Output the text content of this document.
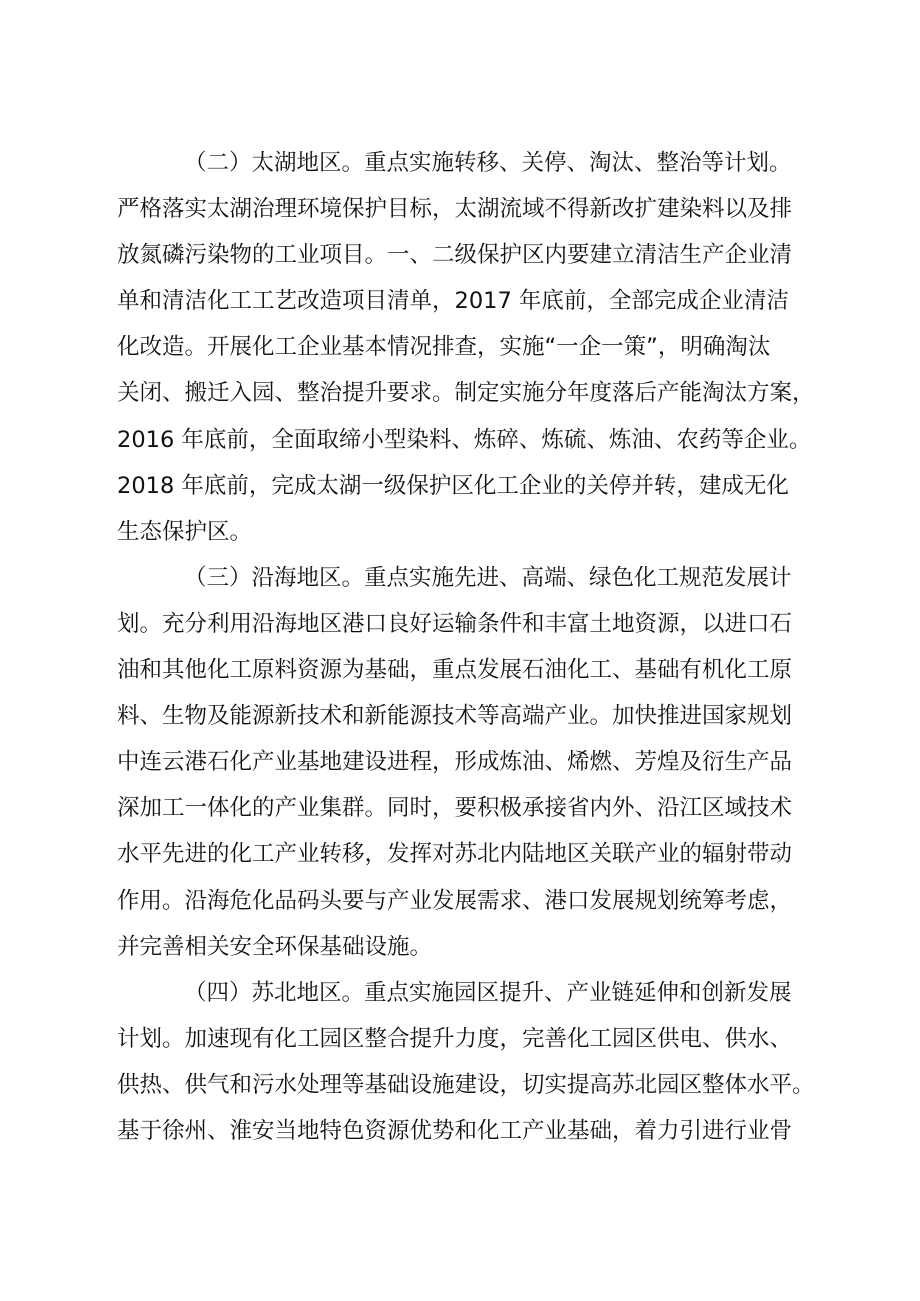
（二）太湖地区。重点实施转移、关停、淘汰、整治等计划。
严格落实太湖治理环境保护目标，太湖流域不得新改扩建染料以及排
放氮磷污染物的工业项目。一、二级保护区内要建立清洁生产企业清
单和清洁化工工艺改造项目清单，2017 年底前，全部完成企业清洁
化改造。开展化工企业基本情况排查，实施“一企一策”，明确淘汰
关闭、搬迁入园、整治提升要求。制定实施分年度落后产能淘汰方案，
2016 年底前，全面取缔小型染料、炼碎、炼硫、炼油、农药等企业。
2018 年底前，完成太湖一级保护区化工企业的关停并转，建成无化
生态保护区。

（三）沿海地区。重点实施先进、高端、绿色化工规范发展计
划。充分利用沿海地区港口良好运输条件和丰富土地资源，以进口石
油和其他化工原料资源为基础，重点发展石油化工、基础有机化工原
料、生物及能源新技术和新能源技术等高端产业。加快推进国家规划
中连云港石化产业基地建设进程，形成炼油、烯燃、芳煌及衍生产品
深加工一体化的产业集群。同时，要积极承接省内外、沿江区域技术
水平先进的化工产业转移，发挥对苏北内陆地区关联产业的辐射带动
作用。沿海危化品码头要与产业发展需求、港口发展规划统筹考虑，
并完善相关安全环保基础设施。

（四）苏北地区。重点实施园区提升、产业链延伸和创新发展
计划。加速现有化工园区整合提升力度，完善化工园区供电、供水、
供热、供气和污水处理等基础设施建设，切实提高苏北园区整体水平。
基于徐州、淮安当地特色资源优势和化工产业基础，着力引进行业骨
